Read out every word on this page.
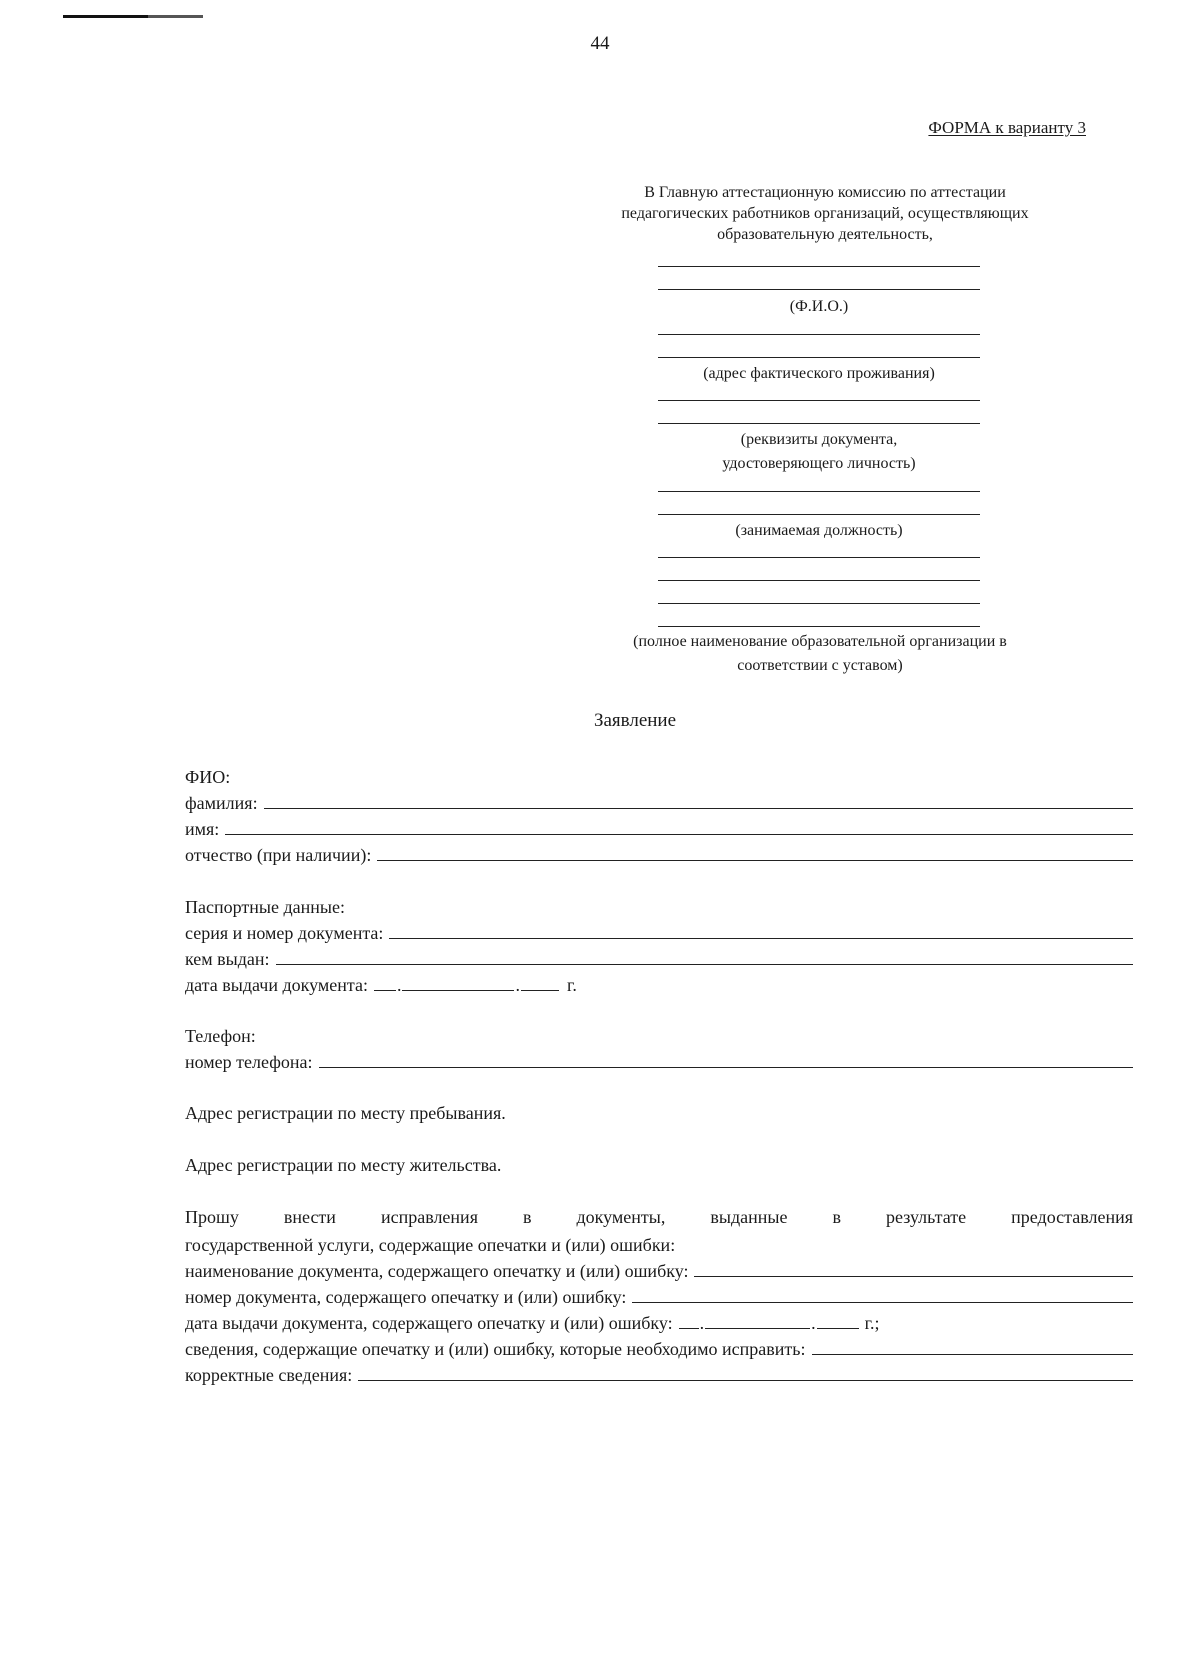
44
ФОРМА к варианту 3
В Главную аттестационную комиссию по аттестации
педагогических работников организаций, осуществляющих
образовательную деятельность,
(Ф.И.О.)
(адрес фактического проживания)
(реквизиты документа,
удостоверяющего личность)
(занимаемая должность)
(полное наименование образовательной организации в
соответствии с уставом)
Заявление
ФИО:
фамилия:
имя:
отчество (при наличии):
Паспортные данные:
серия и номер документа:
кем выдан:
дата выдачи документа:	.	.	г.
Телефон:
номер телефона:
Адрес регистрации по месту пребывания.
Адрес регистрации по месту жительства.
Прошу внести исправления в документы, выданные в результате предоставления
государственной услуги, содержащие опечатки и (или) ошибки:
наименование документа, содержащего опечатку и (или) ошибку:
номер документа, содержащего опечатку и (или) ошибку:
дата выдачи документа, содержащего опечатку и (или) ошибку:	.	.	г.;
сведения, содержащие опечатку и (или) ошибку, которые необходимо исправить:
корректные сведения:
